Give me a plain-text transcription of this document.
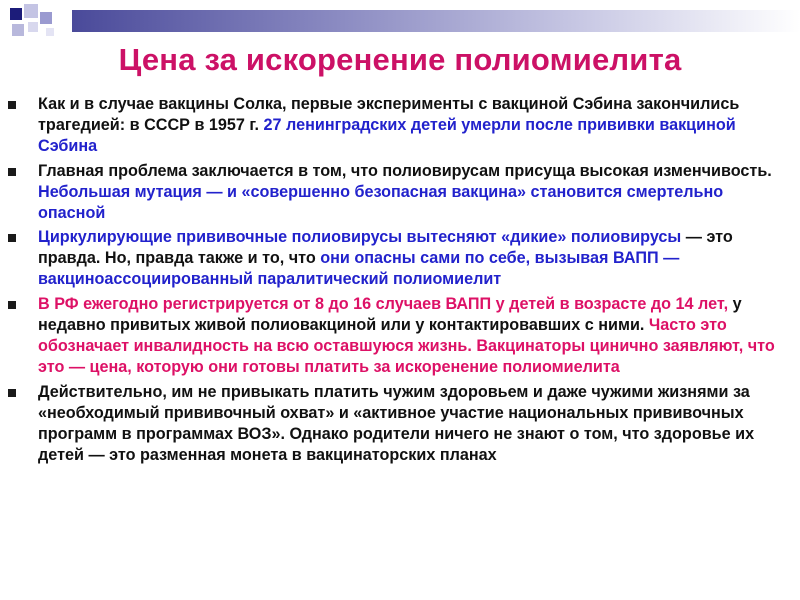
Цена за искоренение полиомиелита
Как и в случае вакцины Солка, первые эксперименты с вакциной Сэбина закончились трагедией: в СССР в 1957 г. 27 ленинградских детей умерли после прививки вакциной Сэбина
Главная проблема заключается в том, что полиовирусам присуща высокая изменчивость. Небольшая мутация — и «совершенно безопасная вакцина» становится смертельно опасной
Циркулирующие прививочные полиовирусы вытесняют «дикие» полиовирусы — это правда. Но, правда также и то, что они опасны сами по себе, вызывая ВАПП — вакциноассоциированный паралитический полиомиелит
В РФ ежегодно регистрируется от 8 до 16 случаев ВАПП у детей в возрасте до 14 лет, у недавно привитых живой полиовакциной или у контактировавших с ними. Часто это обозначает инвалидность на всю оставшуюся жизнь. Вакцинаторы цинично заявляют, что это — цена, которую они готовы платить за искоренение полиомиелита
Действительно, им не привыкать платить чужим здоровьем и даже чужими жизнями за «необходимый прививочный охват» и «активное участие национальных прививочных программ в программах ВОЗ». Однако родители ничего не знают о том, что здоровье их детей — это разменная монета в вакцинаторских планах
